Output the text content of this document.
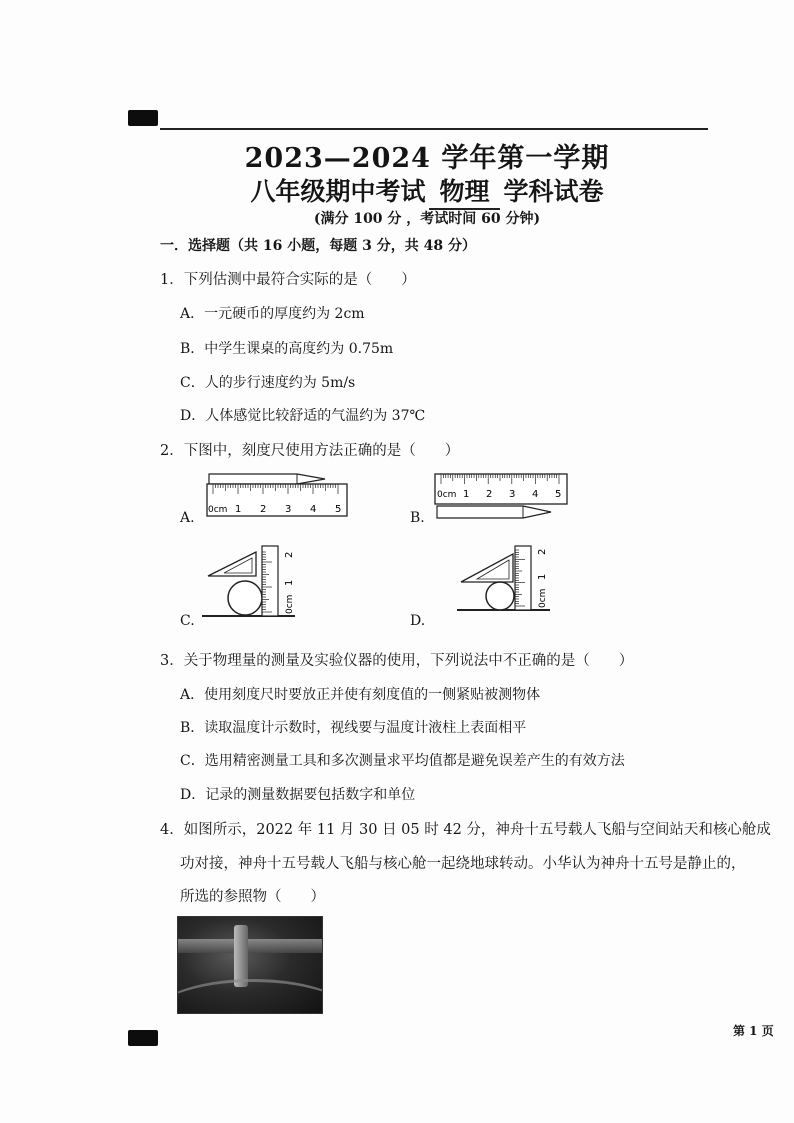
2023—2024 学年第一学期
八年级期中考试 物理 学科试卷
(满分 100 分 ，考试时间 60 分钟)
一．选择题（共 16 小题，每题 3 分，共 48 分）
1．下列估测中最符合实际的是（　　）
A．一元硬币的厚度约为 2cm
B．中学生课桌的高度约为 0.75m
C．人的步行速度约为 5m/s
D．人体感觉比较舒适的气温约为 37℃
2．下图中，刻度尺使用方法正确的是（　　）
A. 0cm 1 2 3 4 5
B.
0cm 1 2 3 4 5
C.
0cm
1
2
D.
0cm
1
2
3．关于物理量的测量及实验仪器的使用，下列说法中不正确的是（　　）
A．使用刻度尺时要放正并使有刻度值的一侧紧贴被测物体
B．读取温度计示数时，视线要与温度计液柱上表面相平
C．选用精密测量工具和多次测量求平均值都是避免误差产生的有效方法
D．记录的测量数据要包括数字和单位
4．如图所示，2022 年 11 月 30 日 05 时 42 分，神舟十五号载人飞船与空间站天和核心舱成
功对接，神舟十五号载人飞船与核心舱一起绕地球转动。小华认为神舟十五号是静止的，
所选的参照物（　　）
第 1 页
